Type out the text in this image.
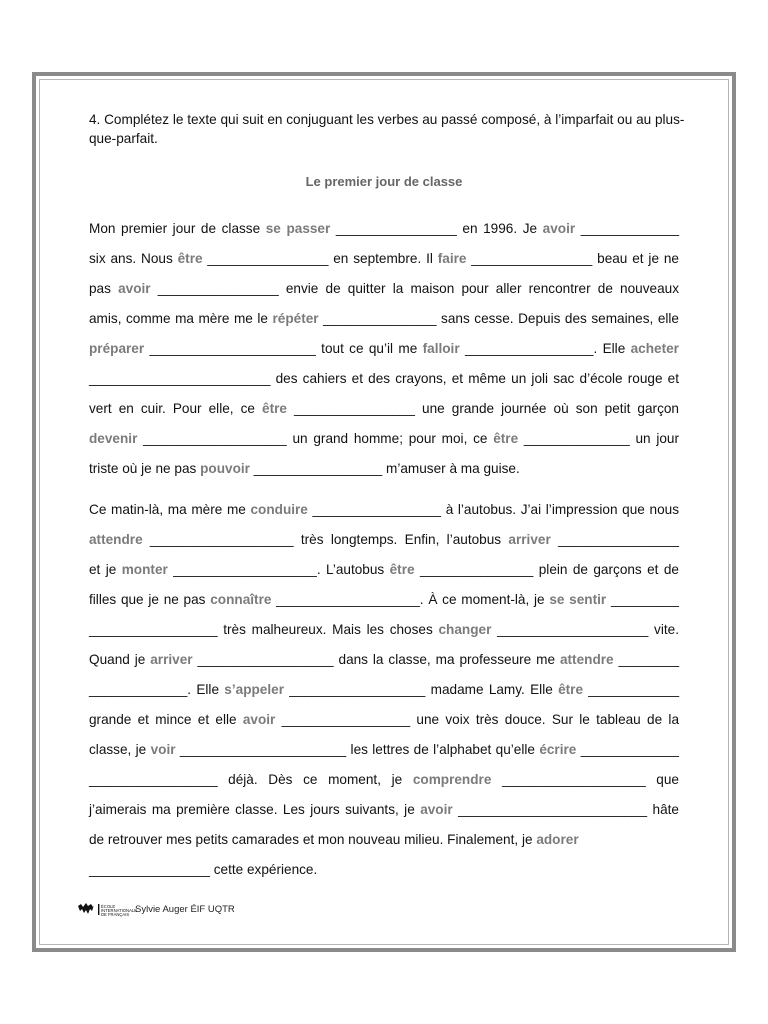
4. Complétez le texte qui suit en conjuguant les verbes au passé composé, à l’imparfait ou au plus-que-parfait.

Le premier jour de classe
Mon premier jour de classe se passer ________________ en 1996. Je avoir _____________
six ans. Nous être ________________ en septembre. Il faire ________________ beau et je ne
pas avoir ________________ envie de quitter la maison pour aller rencontrer de nouveaux
amis, comme ma mère me le répéter _______________ sans cesse. Depuis des semaines, elle
préparer ______________________ tout ce qu’il me falloir _________________. Elle acheter
________________________ des cahiers et des crayons, et même un joli sac d’école rouge et
vert en cuir. Pour elle, ce être ________________ une grande journée où son petit garçon
devenir ___________________ un grand homme; pour moi, ce être ______________ un jour
triste où je ne pas pouvoir _________________ m’amuser à ma guise.
Ce matin-là, ma mère me conduire _________________ à l’autobus. J’ai l’impression que nous
attendre ___________________ très longtemps. Enfin, l’autobus arriver ________________
et je monter ___________________. L’autobus être _______________ plein de garçons et de
filles que je ne pas connaître ___________________. À ce moment-là, je se sentir _________
_________________ très malheureux. Mais les choses changer ____________________ vite.
Quand je arriver __________________ dans la classe, ma professeure me attendre ________
_____________. Elle s’appeler __________________ madame Lamy. Elle être ____________
grande et mince et elle avoir _________________ une voix très douce. Sur le tableau de la
classe, je voir ______________________ les lettres de l’alphabet qu’elle écrire _____________
_________________ déjà. Dès ce moment, je comprendre ___________________ que
j’aimerais ma première classe. Les jours suivants, je avoir _________________________ hâte
de retrouver mes petits camarades et mon nouveau milieu. Finalement, je adorer
________________ cette expérience.
ÉCOLE
INTERNATIONALE
DE FRANÇAIS Sylvie Auger ÉIF UQTR
